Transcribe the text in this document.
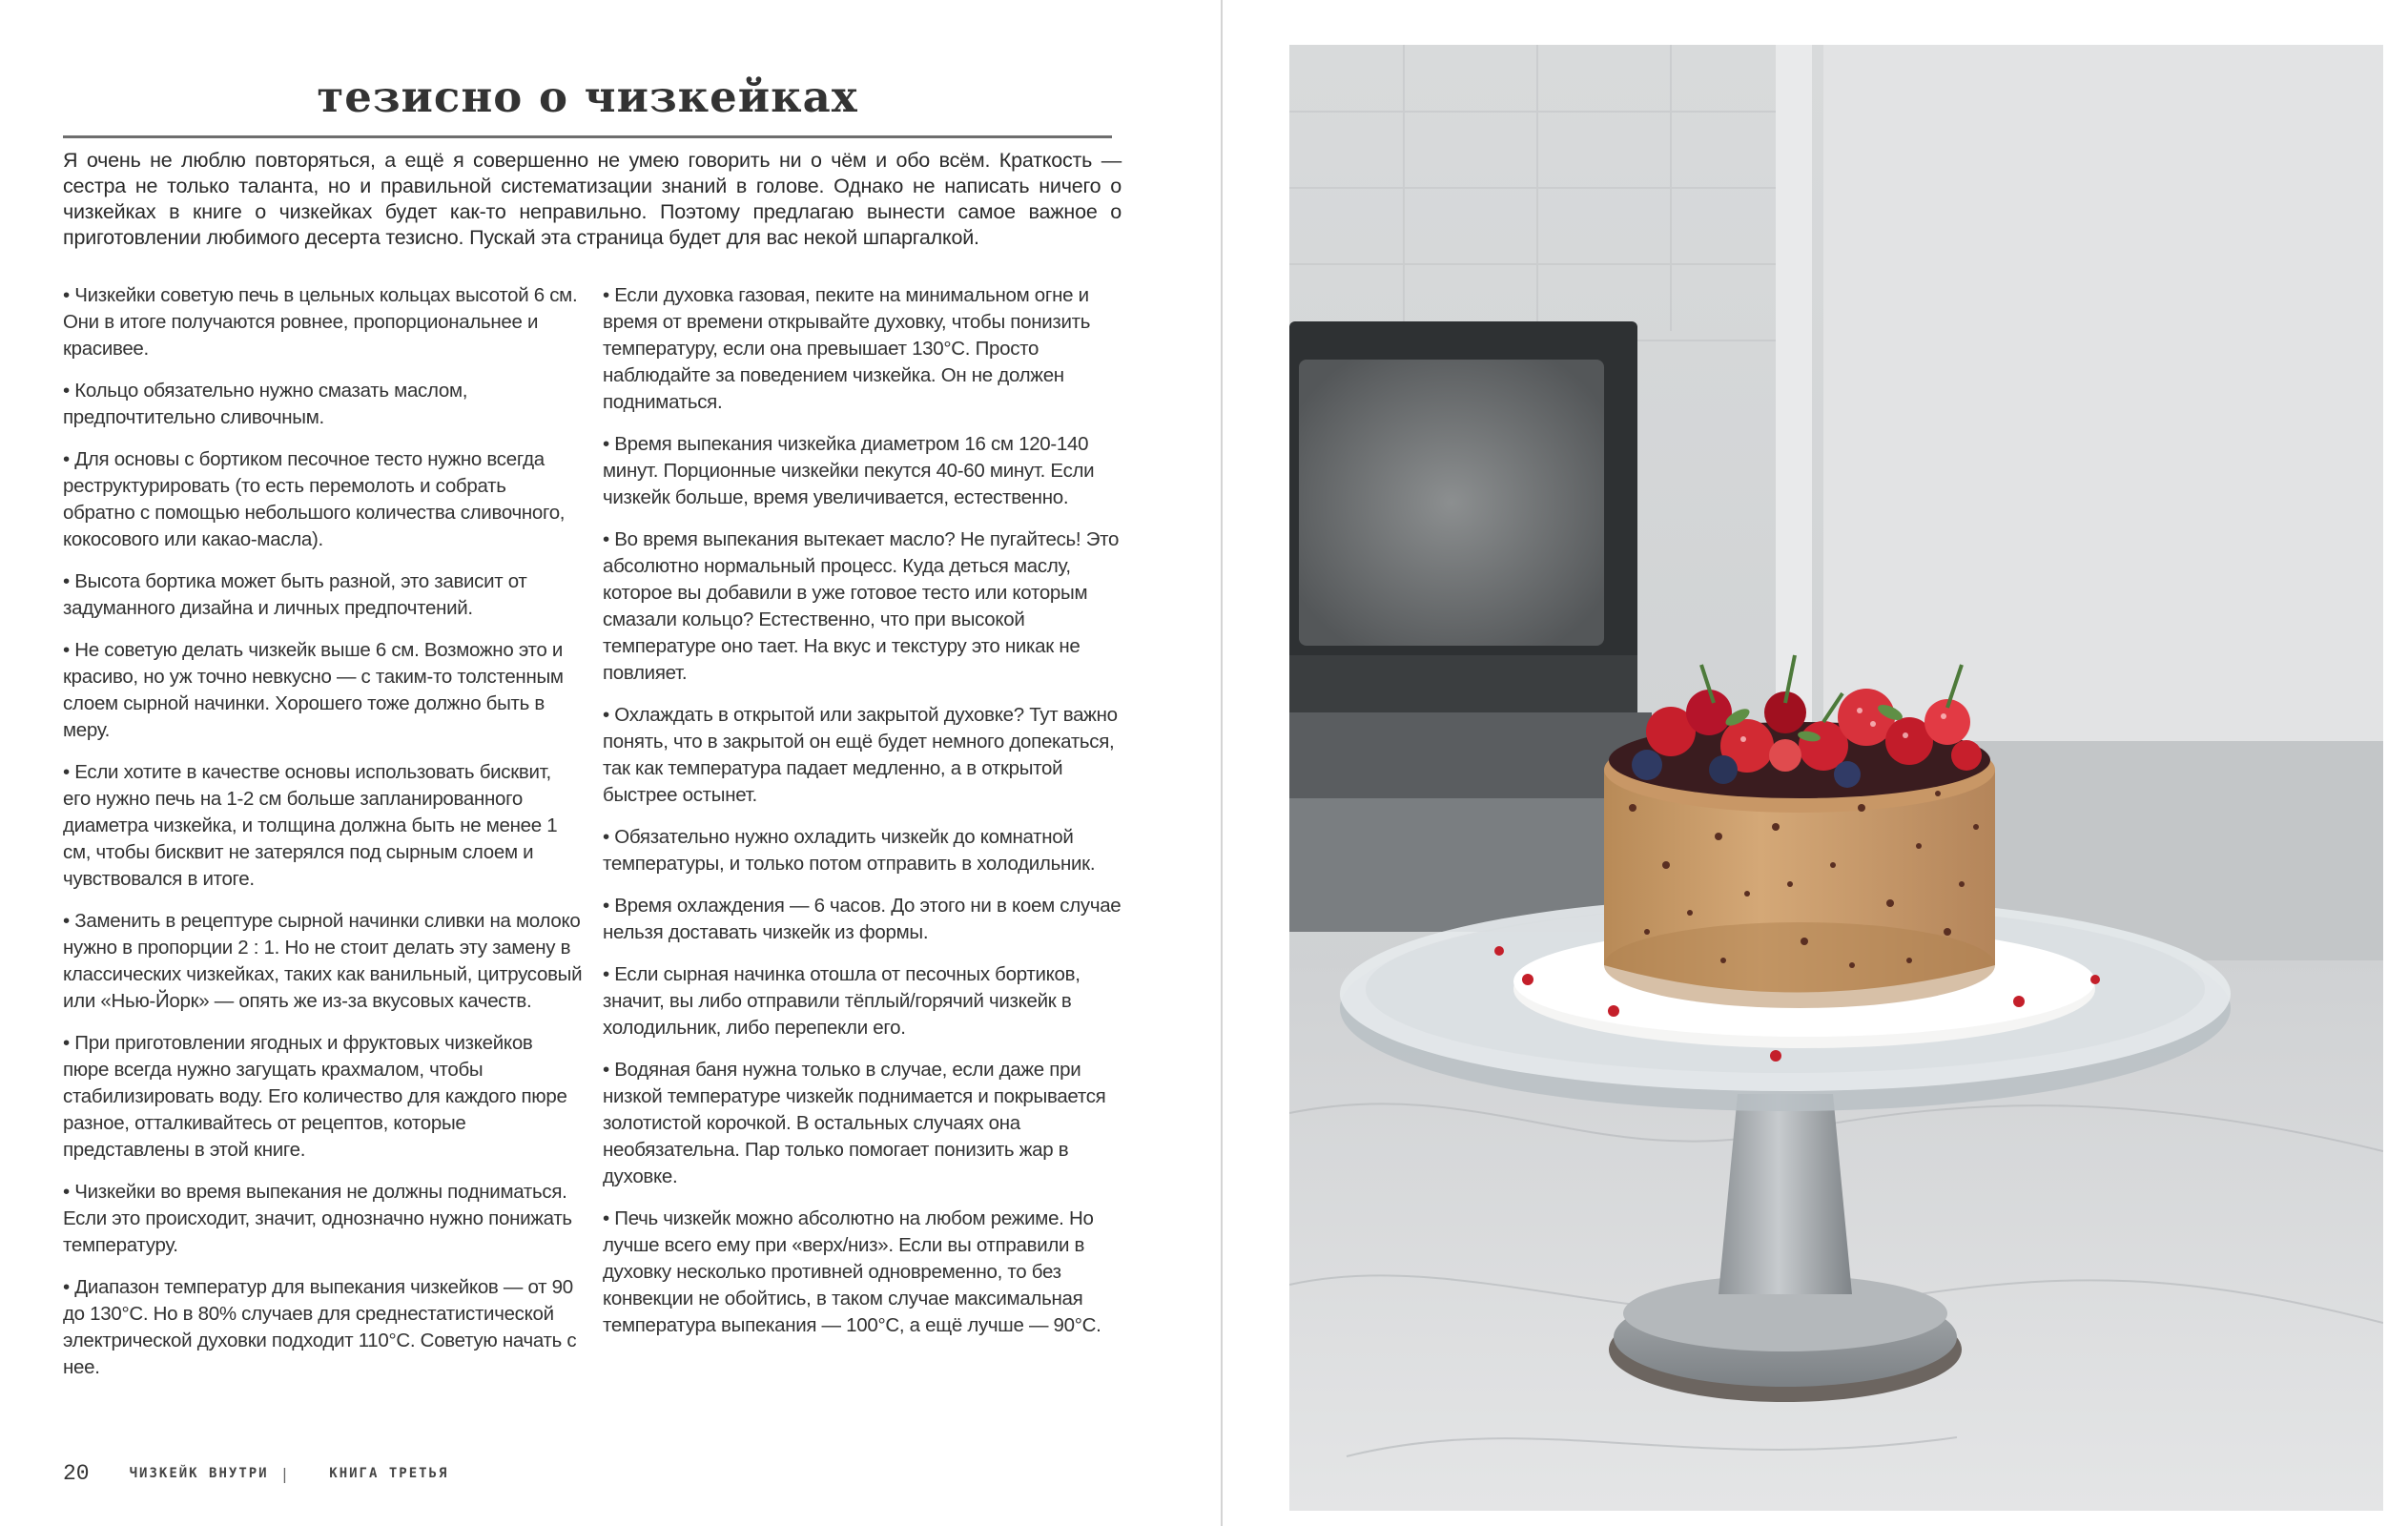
тезисно о чизкейках

Я очень не люблю повторяться, а ещё я совершенно не умею говорить ни о чём и обо всём. Краткость — сестра не только таланта, но и правильной систематизации знаний в голове. Однако не написать ничего о чизкейках в книге о чизкейках будет как-то неправильно. Поэтому предлагаю вынести самое важное о приготовлении любимого десерта тезисно. Пускай эта страница будет для вас некой шпаргалкой.

• Чизкейки советую печь в цельных кольцах высотой 6 см. Они в итоге получаются ровнее, пропорциональнее и красивее.

• Кольцо обязательно нужно смазать маслом, предпочтительно сливочным.

• Для основы с бортиком песочное тесто нужно всегда реструктурировать (то есть перемолоть и собрать обратно с помощью небольшого количества сливочного, кокосового или какао-масла).

• Высота бортика может быть разной, это зависит от задуманного дизайна и личных предпочтений.

• Не советую делать чизкейк выше 6 см. Возможно это и красиво, но уж точно невкусно — с таким-то толстенным слоем сырной начинки. Хорошего тоже должно быть в меру.

• Если хотите в качестве основы использовать бисквит, его нужно печь на 1-2 см больше запланированного диаметра чизкейка, и толщина должна быть не менее 1 см, чтобы бисквит не затерялся под сырным слоем и чувствовался в итоге.

• Заменить в рецептуре сырной начинки сливки на молоко нужно в пропорции 2 : 1. Но не стоит делать эту замену в классических чизкейках, таких как ванильный, цитрусовый или «Нью-Йорк» — опять же из-за вкусовых качеств.

• При приготовлении ягодных и фруктовых чизкейков пюре всегда нужно загущать крахмалом, чтобы стабилизировать воду. Его количество для каждого пюре разное, отталкивайтесь от рецептов, которые представлены в этой книге.

• Чизкейки во время выпекания не должны подниматься. Если это происходит, значит, однозначно нужно понижать температуру.

• Диапазон температур для выпекания чизкейков — от 90 до 130°С. Но в 80% случаев для среднестатистической электрической духовки подходит 110°С. Советую начать с нее.

• Если духовка газовая, пеките на минимальном огне и время от времени открывайте духовку, чтобы понизить температуру, если она превышает 130°С. Просто наблюдайте за поведением чизкейка. Он не должен подниматься.

• Время выпекания чизкейка диаметром 16 см 120-140 минут. Порционные чизкейки пекутся 40-60 минут. Если чизкейк больше, время увеличивается, естественно.

• Во время выпекания вытекает масло? Не пугайтесь! Это абсолютно нормальный процесс. Куда деться маслу, которое вы добавили в уже готовое тесто или которым смазали кольцо? Естественно, что при высокой температуре оно тает. На вкус и текстуру это никак не повлияет.

• Охлаждать в открытой или закрытой духовке? Тут важно понять, что в закрытой он ещё будет немного допекаться, так как температура падает медленно, а в открытой быстрее остынет.

• Обязательно нужно охладить чизкейк до комнатной температуры, и только потом отправить в холодильник.

• Время охлаждения — 6 часов. До этого ни в коем случае нельзя доставать чизкейк из формы.

• Если сырная начинка отошла от песочных бортиков, значит, вы либо отправили тёплый/горячий чизкейк в холодильник, либо перепекли его.

• Водяная баня нужна только в случае, если даже при низкой температуре чизкейк поднимается и покрывается золотистой корочкой. В остальных случаях она необязательна. Пар только помогает понизить жар в духовке.

• Печь чизкейк можно абсолютно на любом режиме. Но лучше всего ему при «верх/низ». Если вы отправили в духовку несколько противней одновременно, то без конвекции не обойтись, в таком случае максимальная температура выпекания — 100°С, а ещё лучше — 90°С.

20	ЧИЗКЕЙК ВНУТРИ |	КНИГА ТРЕТЬЯ
